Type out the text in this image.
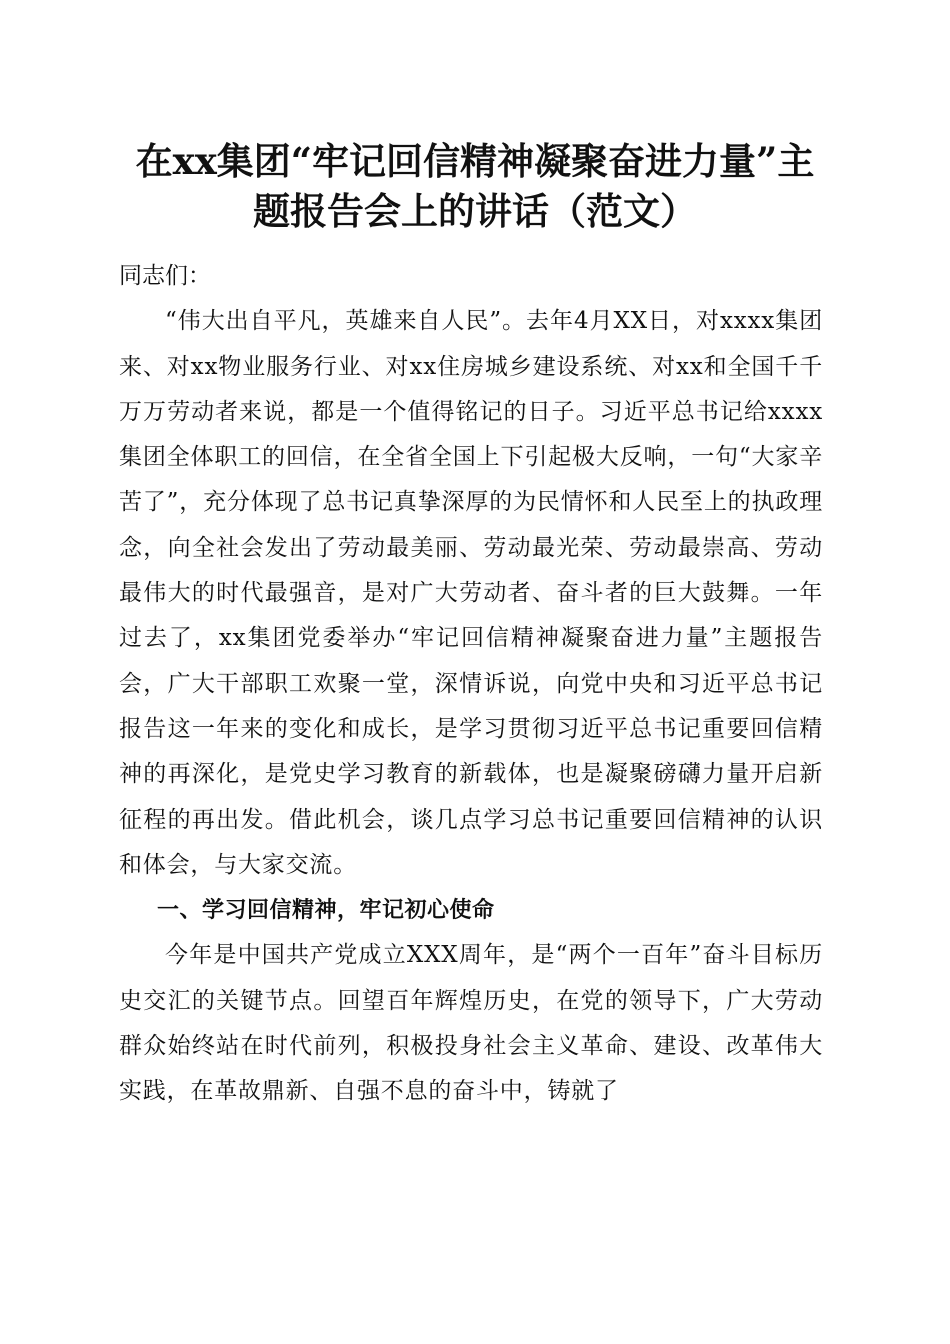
在xx集团“牢记回信精神凝聚奋进力量”主
题报告会上的讲话（范文）

同志们：

“伟大出自平凡，英雄来自人民”。去年4月XX日，对xxxx集团来、对xx物业服务行业、对xx住房城乡建设系统、对xx和全国千千万万劳动者来说，都是一个值得铭记的日子。习近平总书记给xxxx集团全体职工的回信，在全省全国上下引起极大反响，一句“大家辛苦了”，充分体现了总书记真挚深厚的为民情怀和人民至上的执政理念，向全社会发出了劳动最美丽、劳动最光荣、劳动最崇高、劳动最伟大的时代最强音，是对广大劳动者、奋斗者的巨大鼓舞。一年过去了，xx集团党委举办“牢记回信精神凝聚奋进力量”主题报告会，广大干部职工欢聚一堂，深情诉说，向党中央和习近平总书记报告这一年来的变化和成长，是学习贯彻习近平总书记重要回信精神的再深化，是党史学习教育的新载体，也是凝聚磅礴力量开启新征程的再出发。借此机会，谈几点学习总书记重要回信精神的认识和体会，与大家交流。

一、学习回信精神，牢记初心使命

今年是中国共产党成立XXX周年，是“两个一百年”奋斗目标历史交汇的关键节点。回望百年辉煌历史，在党的领导下，广大劳动群众始终站在时代前列，积极投身社会主义革命、建设、改革伟大实践，在革故鼎新、自强不息的奋斗中，铸就了
